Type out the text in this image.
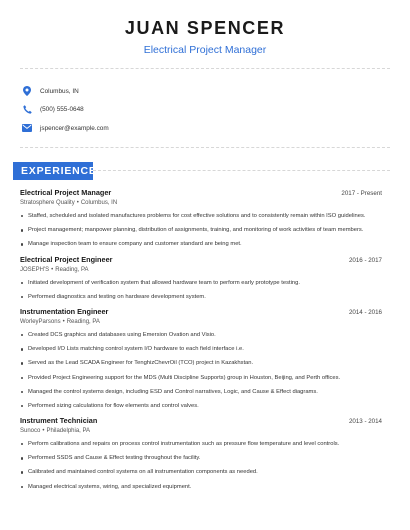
JUAN SPENCER
Electrical Project Manager
Columbus, IN
(500) 555-0648
jspencer@example.com
EXPERIENCE
Electrical Project Manager	2017 - Present
Stratosphere Quality • Columbus, IN
Staffed, scheduled and isolated manufactures problems for cost effective solutions and to consistently remain within ISO guidelines.
Project management; manpower planning, distribution of assignments, training, and monitoring of work activities of team members.
Manage inspection team to ensure company and customer standard are being met.
Electrical Project Engineer	2016 - 2017
JOSEPH'S • Reading, PA
Initiated development of verification system that allowed hardware team to perform early prototype testing.
Performed diagnostics and testing on hardware development system.
Instrumentation Engineer	2014 - 2016
WorleyParsons • Reading, PA
Created DCS graphics and databases using Emersion Ovation and Visio.
Developed I/O Lists matching control system I/O hardware to each field interface i.e.
Served as the Lead SCADA Engineer for TenghizChevrOil (TCO) project in Kazakhstan.
Provided Project Engineering support for the MDS (Multi Discipline Supports) group in Houston, Beijing, and Perth offices.
Managed the control systems design, including ESD and Control narratives, Logic, and Cause & Effect diagrams.
Performed sizing calculations for flow elements and control valves.
Instrument Technician	2013 - 2014
Sunoco • Philadelphia, PA
Perform calibrations and repairs on process control instrumentation such as pressure flow temperature and level controls.
Performed SSDS and Cause & Effect testing throughout the facility.
Calibrated and maintained control systems on all instrumentation components as needed.
Managed electrical systems, wiring, and specialized equipment.
